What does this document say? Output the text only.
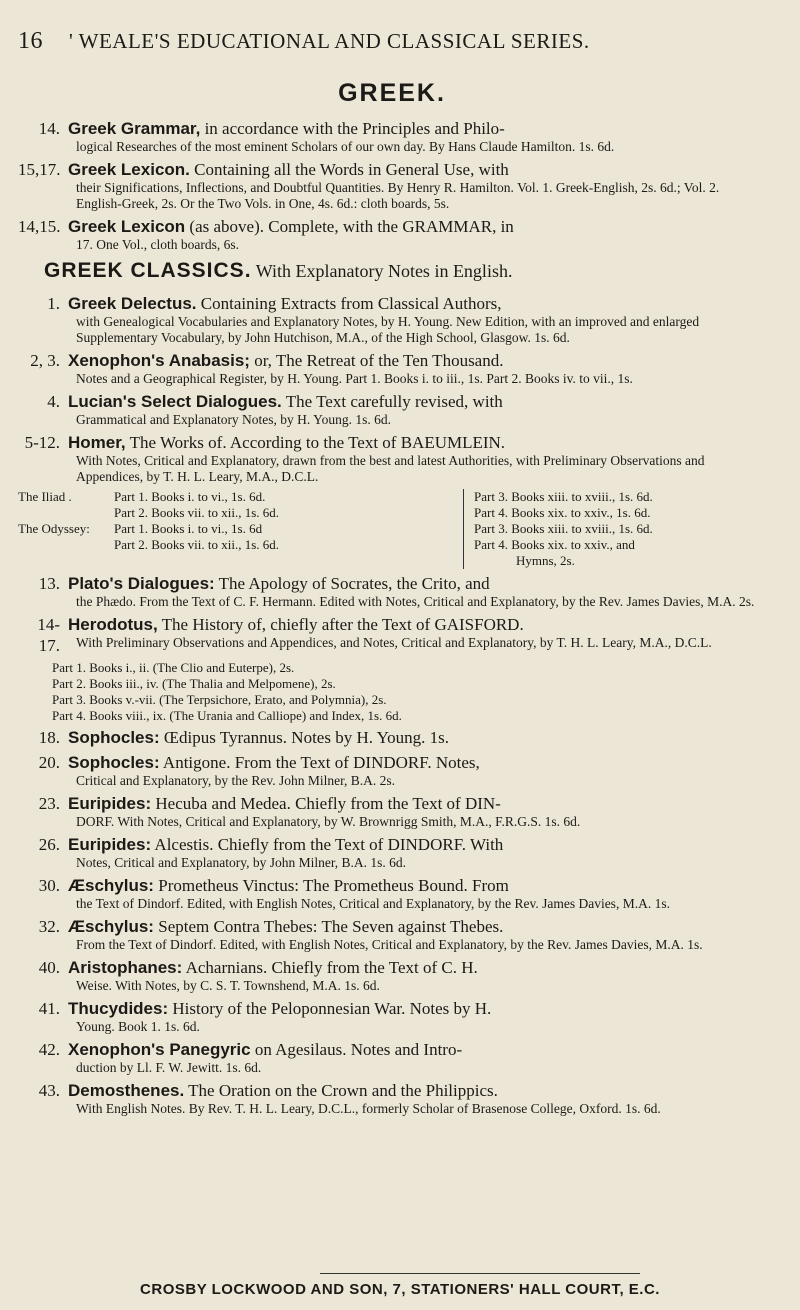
16 ' WEALE'S EDUCATIONAL AND CLASSICAL SERIES.
GREEK.
14. Greek Grammar, in accordance with the Principles and Philo-
logical Researches of the most eminent Scholars of our own day. By Hans Claude Hamilton. 1s. 6d.
15,17. Greek Lexicon. Containing all the Words in General Use, with
their Significations, Inflections, and Doubtful Quantities. By Henry R. Hamilton. Vol. 1. Greek-English, 2s. 6d.; Vol. 2. English-Greek, 2s. Or the Two Vols. in One, 4s. 6d.: cloth boards, 5s.
14,15. Greek Lexicon (as above). Complete, with the GRAMMAR, in
17. One Vol., cloth boards, 6s.
GREEK CLASSICS. With Explanatory Notes in English.
1. Greek Delectus. Containing Extracts from Classical Authors,
with Genealogical Vocabularies and Explanatory Notes, by H. Young. New Edition, with an improved and enlarged Supplementary Vocabulary, by John Hutchison, M.A., of the High School, Glasgow. 1s. 6d.
2, 3. Xenophon's Anabasis; or, The Retreat of the Ten Thousand.
Notes and a Geographical Register, by H. Young. Part 1. Books i. to iii., 1s. Part 2. Books iv. to vii., 1s.
4. Lucian's Select Dialogues. The Text carefully revised, with
Grammatical and Explanatory Notes, by H. Young. 1s. 6d.
5-12. Homer, The Works of. According to the Text of BAEUMLEIN.
With Notes, Critical and Explanatory, drawn from the best and latest Authorities, with Preliminary Observations and Appendices, by T. H. L. Leary, M.A., D.C.L.
The Iliad .	Part 1. Books i. to vi., 1s. 6d.
Part 2. Books vii. to xii., 1s. 6d.
The Odyssey:	Part 1. Books i. to vi., 1s. 6d
Part 2. Books vii. to xii., 1s. 6d.
Part 3. Books xiii. to xviii., 1s. 6d.
Part 4. Books xix. to xxiv., 1s. 6d.
Part 3. Books xiii. to xviii., 1s. 6d.
Part 4. Books xix. to xxiv., and
Hymns, 2s.
13. Plato's Dialogues: The Apology of Socrates, the Crito, and
the Phædo. From the Text of C. F. Hermann. Edited with Notes, Critical and Explanatory, by the Rev. James Davies, M.A. 2s.
14-17.
Herodotus, The History of, chiefly after the Text of GAISFORD.
With Preliminary Observations and Appendices, and Notes, Critical and Explanatory, by T. H. L. Leary, M.A., D.C.L.
Part 1. Books i., ii. (The Clio and Euterpe), 2s.
Part 2. Books iii., iv. (The Thalia and Melpomene), 2s.
Part 3. Books v.-vii. (The Terpsichore, Erato, and Polymnia), 2s.
Part 4. Books viii., ix. (The Urania and Calliope) and Index, 1s. 6d.
18. Sophocles: Œdipus Tyrannus. Notes by H. Young. 1s.
20. Sophocles: Antigone. From the Text of DINDORF. Notes,
Critical and Explanatory, by the Rev. John Milner, B.A. 2s.
23. Euripides: Hecuba and Medea. Chiefly from the Text of DIN-
DORF. With Notes, Critical and Explanatory, by W. Brownrigg Smith, M.A., F.R.G.S. 1s. 6d.
26. Euripides: Alcestis. Chiefly from the Text of DINDORF. With
Notes, Critical and Explanatory, by John Milner, B.A. 1s. 6d.
30. Æschylus: Prometheus Vinctus: The Prometheus Bound. From
the Text of Dindorf. Edited, with English Notes, Critical and Explanatory, by the Rev. James Davies, M.A. 1s.
32. Æschylus: Septem Contra Thebes: The Seven against Thebes.
From the Text of Dindorf. Edited, with English Notes, Critical and Explanatory, by the Rev. James Davies, M.A. 1s.
40. Aristophanes: Acharnians. Chiefly from the Text of C. H.
Weise. With Notes, by C. S. T. Townshend, M.A. 1s. 6d.
41. Thucydides: History of the Peloponnesian War. Notes by H.
Young. Book 1. 1s. 6d.
42. Xenophon's Panegyric on Agesilaus. Notes and Intro-
duction by Ll. F. W. Jewitt. 1s. 6d.
43. Demosthenes. The Oration on the Crown and the Philippics.
With English Notes. By Rev. T. H. L. Leary, D.C.L., formerly Scholar of Brasenose College, Oxford. 1s. 6d.
CROSBY LOCKWOOD AND SON, 7, STATIONERS' HALL COURT, E.C.
